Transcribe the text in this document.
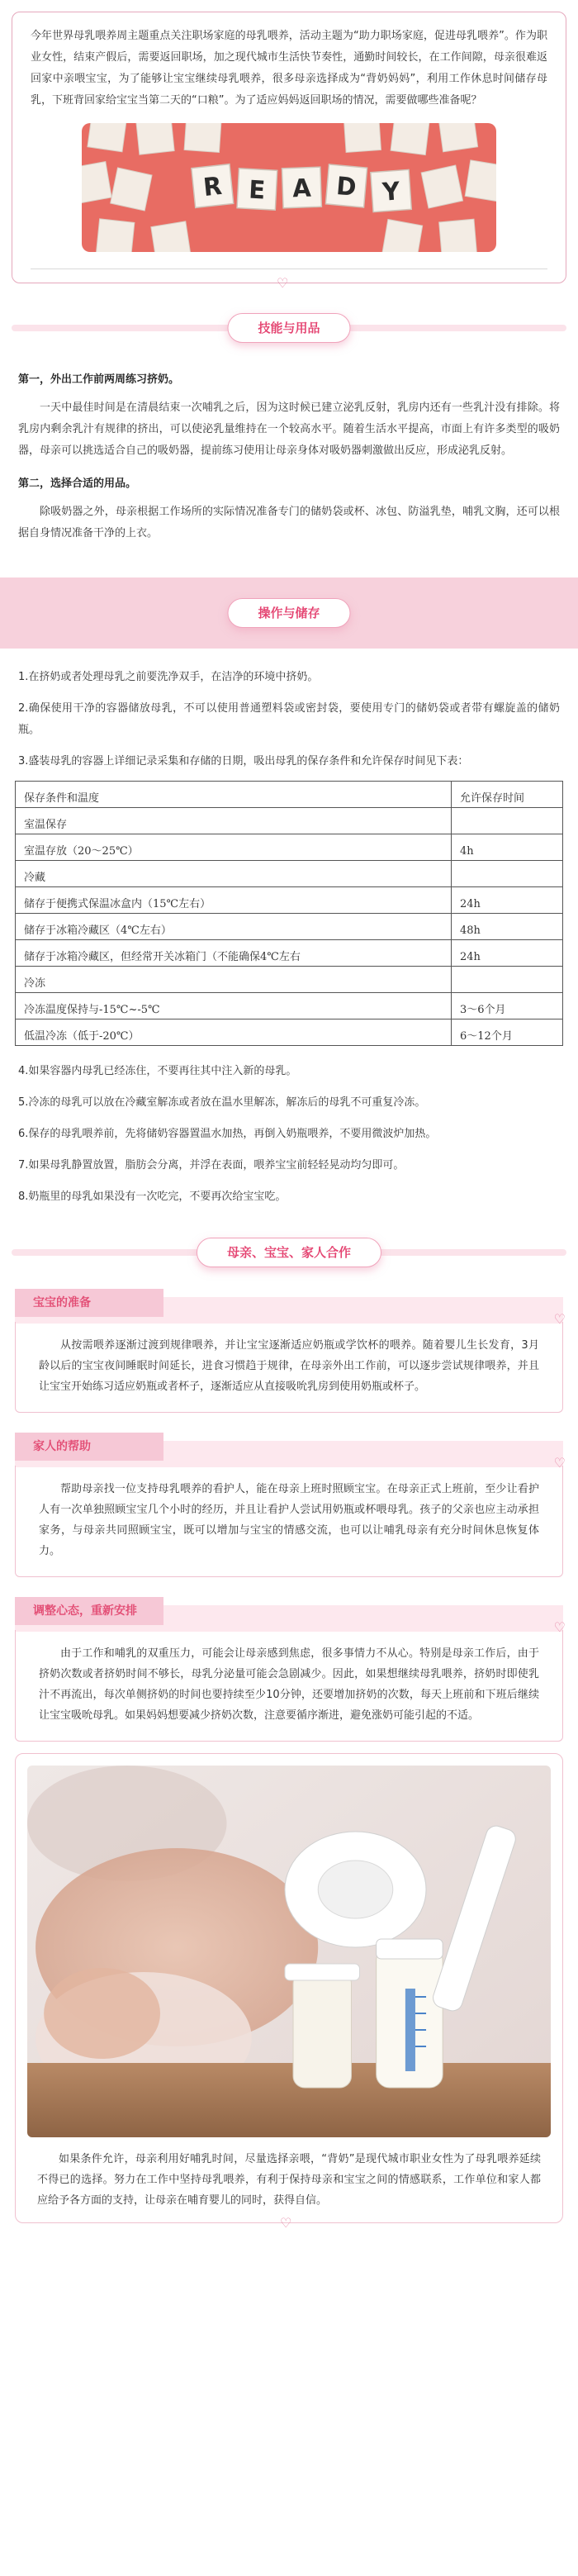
今年世界母乳喂养周主题重点关注职场家庭的母乳喂养，活动主题为“助力职场家庭，促进母乳喂养”。作为职业女性，结束产假后，需要返回职场，加之现代城市生活快节奏性，通勤时间较长，在工作间隙，母亲很难返回家中亲喂宝宝，为了能够让宝宝继续母乳喂养，很多母亲选择成为“背奶妈妈”，利用工作休息时间储存母乳，下班背回家给宝宝当第二天的“口粮”。为了适应妈妈返回职场的情况，需要做哪些准备呢？

R E A D Y
♡
技能与用品

第一，外出工作前两周练习挤奶。

一天中最佳时间是在清晨结束一次哺乳之后，因为这时候已建立泌乳反射，乳房内还有一些乳汁没有排除。将乳房内剩余乳汁有规律的挤出，可以使泌乳量维持在一个较高水平。随着生活水平提高，市面上有许多类型的吸奶器，母亲可以挑选适合自己的吸奶器，提前练习使用让母亲身体对吸奶器刺激做出反应，形成泌乳反射。

第二，选择合适的用品。

除吸奶器之外，母亲根据工作场所的实际情况准备专门的储奶袋或杯、冰包、防溢乳垫，哺乳文胸，还可以根据自身情况准备干净的上衣。

操作与储存

1.在挤奶或者处理母乳之前要洗净双手，在洁净的环境中挤奶。

2.确保使用干净的容器储放母乳，不可以使用普通塑料袋或密封袋，要使用专门的储奶袋或者带有螺旋盖的储奶瓶。

3.盛装母乳的容器上详细记录采集和存储的日期，吸出母乳的保存条件和允许保存时间见下表：

保存条件和温度	允许保存时间
室温保存	
室温存放（20～25℃）	4h
冷藏	
储存于便携式保温冰盒内（15℃左右）	24h
储存于冰箱冷藏区（4℃左右）	48h
储存于冰箱冷藏区，但经常开关冰箱门（不能确保4℃左右	24h
冷冻	
冷冻温度保持与-15℃~-5℃	3～6个月
低温冷冻（低于-20℃）	6～12个月

4.如果容器内母乳已经冻住，不要再往其中注入新的母乳。

5.冷冻的母乳可以放在冷藏室解冻或者放在温水里解冻，解冻后的母乳不可重复冷冻。

6.保存的母乳喂养前，先将储奶容器置温水加热，再倒入奶瓶喂养，不要用微波炉加热。

7.如果母乳静置放置，脂肪会分离，并浮在表面，喂养宝宝前轻轻晃动均匀即可。

8.奶瓶里的母乳如果没有一次吃完，不要再次给宝宝吃。

母亲、宝宝、家人合作
宝宝的准备

从按需喂养逐渐过渡到规律喂养，并让宝宝逐渐适应奶瓶或学饮杯的喂养。随着婴儿生长发育，3月龄以后的宝宝夜间睡眠时间延长，进食习惯趋于规律，在母亲外出工作前，可以逐步尝试规律喂养，并且让宝宝开始练习适应奶瓶或者杯子，逐渐适应从直接吸吮乳房到使用奶瓶或杯子。

♡
家人的帮助

帮助母亲找一位支持母乳喂养的看护人，能在母亲上班时照顾宝宝。在母亲正式上班前，至少让看护人有一次单独照顾宝宝几个小时的经历，并且让看护人尝试用奶瓶或杯喂母乳。孩子的父亲也应主动承担家务，与母亲共同照顾宝宝，既可以增加与宝宝的情感交流，也可以让哺乳母亲有充分时间休息恢复体力。

♡
调整心态，重新安排

由于工作和哺乳的双重压力，可能会让母亲感到焦虑，很多事情力不从心。特别是母亲工作后，由于挤奶次数或者挤奶时间不够长，母乳分泌量可能会急剧减少。因此，如果想继续母乳喂养，挤奶时即使乳汁不再流出，每次单侧挤奶的时间也要持续至少10分钟，还要增加挤奶的次数，每天上班前和下班后继续让宝宝吸吮母乳。如果妈妈想要减少挤奶次数，注意要循序渐进，避免涨奶可能引起的不适。

♡

如果条件允许，母亲利用好哺乳时间，尽量选择亲喂，“背奶”是现代城市职业女性为了母乳喂养延续不得已的选择。努力在工作中坚持母乳喂养，有利于保持母亲和宝宝之间的情感联系，工作单位和家人都应给予各方面的支持，让母亲在哺育婴儿的同时，获得自信。

♡
